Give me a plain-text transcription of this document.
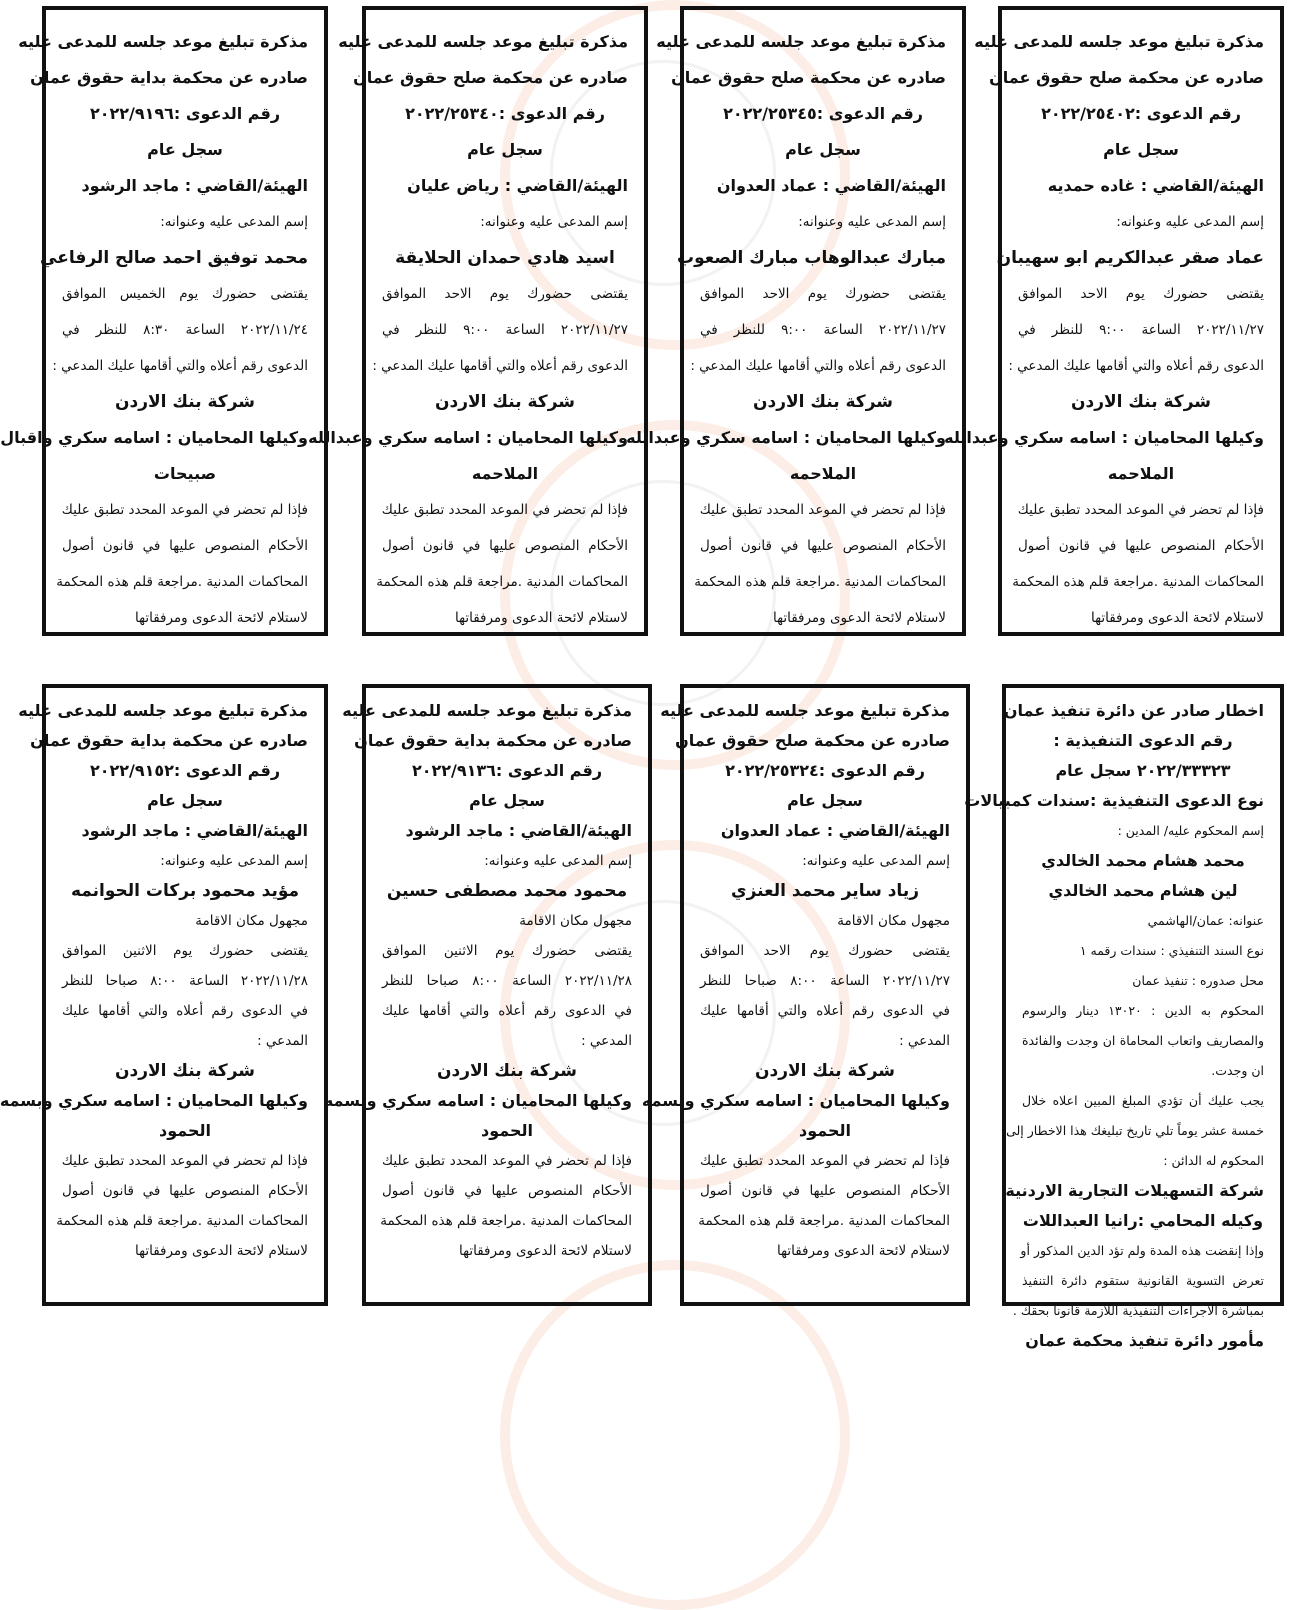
مذكرة تبليغ موعد جلسه للمدعى عليه
صادره عن محكمة صلح حقوق عمان
رقم الدعوى :٢٠٢٢/٢٥٤٠٢
سجل عام
الهيئة/القاضي : غاده حمديه
إسم المدعى عليه وعنوانه:
عماد صقر عبدالكريم ابو سهيبان
يقتضى حضورك يوم الاحد الموافق
٢٠٢٢/١١/٢٧ الساعة ٩:٠٠ للنظر في
الدعوى رقم أعلاه والتي أقامها عليك المدعي :
شركة بنك الاردن
وكيلها المحاميان : اسامه سكري وعبدالله
الملاحمه
فإذا لم تحضر في الموعد المحدد تطبق عليك
الأحكام المنصوص عليها في قانون أصول
المحاكمات المدنية .مراجعة قلم هذه المحكمة
لاستلام لائحة الدعوى ومرفقاتها
مذكرة تبليغ موعد جلسه للمدعى عليه
صادره عن محكمة صلح حقوق عمان
رقم الدعوى :٢٠٢٢/٢٥٣٤٥
سجل عام
الهيئة/القاضي : عماد العدوان
إسم المدعى عليه وعنوانه:
مبارك عبدالوهاب مبارك الصعوب
يقتضى حضورك يوم الاحد الموافق
٢٠٢٢/١١/٢٧ الساعة ٩:٠٠ للنظر في
الدعوى رقم أعلاه والتي أقامها عليك المدعي :
شركة بنك الاردن
وكيلها المحاميان : اسامه سكري وعبدالله
الملاحمه
فإذا لم تحضر في الموعد المحدد تطبق عليك
الأحكام المنصوص عليها في قانون أصول
المحاكمات المدنية .مراجعة قلم هذه المحكمة
لاستلام لائحة الدعوى ومرفقاتها
مذكرة تبليغ موعد جلسه للمدعى عليه
صادره عن محكمة صلح حقوق عمان
رقم الدعوى :٢٠٢٢/٢٥٣٤٠
سجل عام
الهيئة/القاضي : رياض عليان
إسم المدعى عليه وعنوانه:
اسيد هادي حمدان الحلايقة
يقتضى حضورك يوم الاحد الموافق
٢٠٢٢/١١/٢٧ الساعة ٩:٠٠ للنظر في
الدعوى رقم أعلاه والتي أقامها عليك المدعي :
شركة بنك الاردن
وكيلها المحاميان : اسامه سكري وعبدالله
الملاحمه
فإذا لم تحضر في الموعد المحدد تطبق عليك
الأحكام المنصوص عليها في قانون أصول
المحاكمات المدنية .مراجعة قلم هذه المحكمة
لاستلام لائحة الدعوى ومرفقاتها
مذكرة تبليغ موعد جلسه للمدعى عليه
صادره عن محكمة بداية حقوق عمان
رقم الدعوى :٢٠٢٢/٩١٩٦
سجل عام
الهيئة/القاضي : ماجد الرشود
إسم المدعى عليه وعنوانه:
محمد توفيق احمد صالح الرفاعي
يقتضى حضورك يوم الخميس الموافق
٢٠٢٢/١١/٢٤ الساعة ٨:٣٠ للنظر في
الدعوى رقم أعلاه والتي أقامها عليك المدعي :
شركة بنك الاردن
وكيلها المحاميان : اسامه سكري واقبال
صبيحات
فإذا لم تحضر في الموعد المحدد تطبق عليك
الأحكام المنصوص عليها في قانون أصول
المحاكمات المدنية .مراجعة قلم هذه المحكمة
لاستلام لائحة الدعوى ومرفقاتها
اخطار صادر عن دائرة تنفيذ عمان
رقم الدعوى التنفيذية :
٢٠٢٢/٣٣٣٢٣ سجل عام
نوع الدعوى التنفيذية :سندات كمبيالات
إسم المحكوم عليه/ المدين :
محمد هشام محمد الخالدي
لين هشام محمد الخالدي
عنوانه: عمان/الهاشمي
نوع السند التنفيذي : سندات رقمه ١
محل صدوره : تنفيذ عمان
المحكوم به الدين : ١٣٠٢٠ دينار والرسوم
والمصاريف واتعاب المحاماة ان وجدت والفائدة
ان وجدت.
يجب عليك أن تؤدي المبلغ المبين اعلاه خلال
خمسة عشر يوماً تلي تاريخ تبليغك هذا الاخطار إلى
المحكوم له الدائن :
شركة التسهيلات التجارية الاردنية
وكيله المحامي :رانيا العبداللات
وإذا إنقضت هذه المدة ولم تؤد الدين المذكور أو
تعرض التسوية القانونية ستقوم دائرة التنفيذ
بمباشرة الاجراءات التنفيذية اللازمة قانوناً بحقك .
مأمور دائرة تنفيذ محكمة عمان
مذكرة تبليغ موعد جلسه للمدعى عليه
صادره عن محكمة صلح حقوق عمان
رقم الدعوى :٢٠٢٢/٢٥٣٢٤
سجل عام
الهيئة/القاضي : عماد العدوان
إسم المدعى عليه وعنوانه:
زياد ساير محمد العنزي
مجهول مكان الاقامة
يقتضى حضورك يوم الاحد الموافق
٢٠٢٢/١١/٢٧ الساعة ٨:٠٠ صباحا للنظر
في الدعوى رقم أعلاه والتي أقامها عليك
المدعي :
شركة بنك الاردن
وكيلها المحاميان : اسامه سكري وبسمه
الحمود
فإذا لم تحضر في الموعد المحدد تطبق عليك
الأحكام المنصوص عليها في قانون أصول
المحاكمات المدنية .مراجعة قلم هذه المحكمة
لاستلام لائحة الدعوى ومرفقاتها
مذكرة تبليغ موعد جلسه للمدعى عليه
صادره عن محكمة بداية حقوق عمان
رقم الدعوى :٢٠٢٢/٩١٣٦
سجل عام
الهيئة/القاضي : ماجد الرشود
إسم المدعى عليه وعنوانه:
محمود محمد مصطفى حسين
مجهول مكان الاقامة
يقتضى حضورك يوم الاثنين الموافق
٢٠٢٢/١١/٢٨ الساعة ٨:٠٠ صباحا للنظر
في الدعوى رقم أعلاه والتي أقامها عليك
المدعي :
شركة بنك الاردن
وكيلها المحاميان : اسامه سكري وبسمه
الحمود
فإذا لم تحضر في الموعد المحدد تطبق عليك
الأحكام المنصوص عليها في قانون أصول
المحاكمات المدنية .مراجعة قلم هذه المحكمة
لاستلام لائحة الدعوى ومرفقاتها
مذكرة تبليغ موعد جلسه للمدعى عليه
صادره عن محكمة بداية حقوق عمان
رقم الدعوى :٢٠٢٢/٩١٥٢
سجل عام
الهيئة/القاضي : ماجد الرشود
إسم المدعى عليه وعنوانه:
مؤيد محمود بركات الحوانمه
مجهول مكان الاقامة
يقتضى حضورك يوم الاثنين الموافق
٢٠٢٢/١١/٢٨ الساعة ٨:٠٠ صباحا للنظر
في الدعوى رقم أعلاه والتي أقامها عليك
المدعي :
شركة بنك الاردن
وكيلها المحاميان : اسامه سكري وبسمه
الحمود
فإذا لم تحضر في الموعد المحدد تطبق عليك
الأحكام المنصوص عليها في قانون أصول
المحاكمات المدنية .مراجعة قلم هذه المحكمة
لاستلام لائحة الدعوى ومرفقاتها
